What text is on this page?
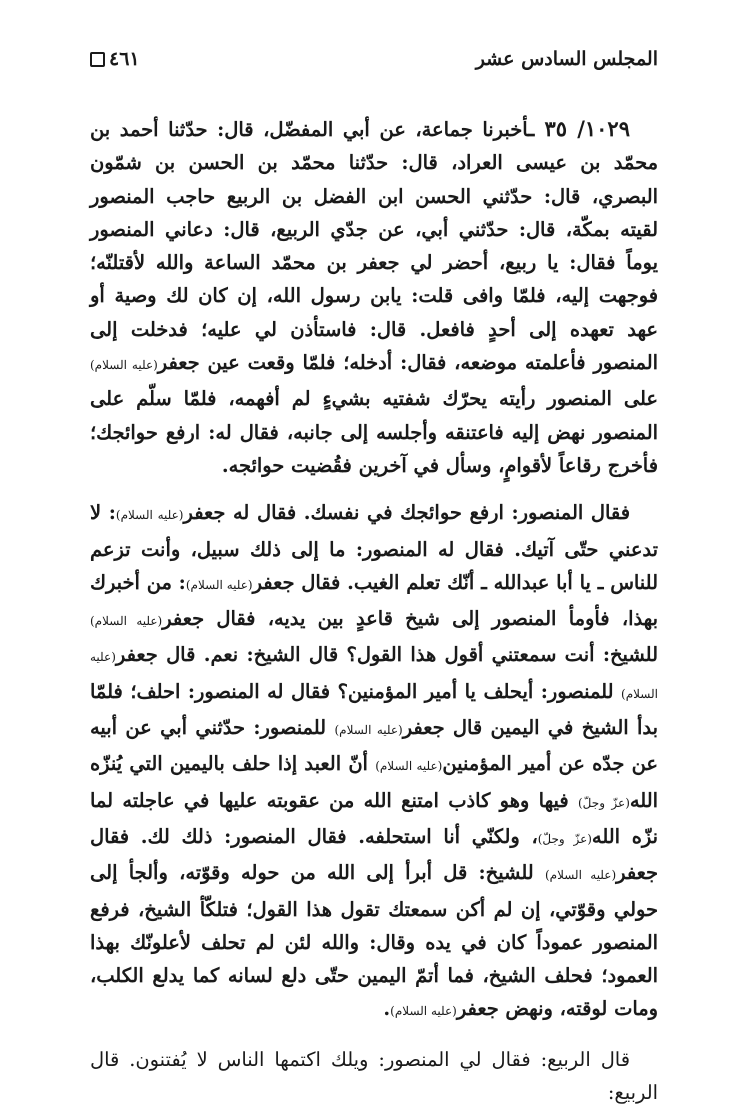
المجلس السادس عشر
٤٦١

١٠٢٩/ ٣٥ ـأخبرنا جماعة، عن أبي المفضّل، قال: حدّثنا أحمد بن محمّد بن عيسى العراد، قال: حدّثنا محمّد بن الحسن بن شمّون البصري، قال: حدّثني الحسن ابن الفضل بن الربيع حاجب المنصور لقيته بمكّة، قال: حدّثني أبي، عن جدّي الربيع، قال: دعاني المنصور يوماً فقال: يا ربيع، أحضر لي جعفر بن محمّد الساعة والله لأقتلنّه؛ فوجهت إليه، فلمّا وافى قلت: يابن رسول الله، إن كان لك وصية أو عهد تعهده إلى أحدٍ فافعل. قال: فاستأذن لي عليه؛ فدخلت إلى المنصور فأعلمته موضعه، فقال: أدخله؛ فلمّا وقعت عين جعفر(عليه السلام) على المنصور رأيته يحرّك شفتيه بشيءٍ لم أفهمه، فلمّا سلّم على المنصور نهض إليه فاعتنقه وأجلسه إلى جانبه، فقال له: ارفع حوائجك؛ فأخرج رقاعاً لأقوامٍ، وسأل في آخرين فقُضيت حوائجه.

فقال المنصور: ارفع حوائجك في نفسك. فقال له جعفر(عليه السلام): لا تدعني حتّى آتيك. فقال له المنصور: ما إلى ذلك سبيل، وأنت تزعم للناس ـ يا أبا عبدالله ـ أنّك تعلم الغيب. فقال جعفر(عليه السلام): من أخبرك بهذا، فأومأ المنصور إلى شيخ قاعدٍ بين يديه، فقال جعفر(عليه السلام) للشيخ: أنت سمعتني أقول هذا القول؟ قال الشيخ: نعم. قال جعفر(عليه السلام) للمنصور: أيحلف يا أمير المؤمنين؟ فقال له المنصور: احلف؛ فلمّا بدأ الشيخ في اليمين قال جعفر(عليه السلام) للمنصور: حدّثني أبي عن أبيه عن جدّه عن أمير المؤمنين(عليه السلام) أنّ العبد إذا حلف باليمين التي يُنزّه الله(عزّ وجلّ) فيها وهو كاذب امتنع الله من عقوبته عليها في عاجلته لما نزّه الله(عزّ وجلّ)، ولكنّي أنا استحلفه. فقال المنصور: ذلك لك. فقال جعفر(عليه السلام) للشيخ: قل أبرأ إلى الله من حوله وقوّته، وألجأ إلى حولي وقوّتي، إن لم أكن سمعتك تقول هذا القول؛ فتلكّأ الشيخ، فرفع المنصور عموداً كان في يده وقال: والله لئن لم تحلف لأعلونّك بهذا العمود؛ فحلف الشيخ، فما أتمّ اليمين حتّى دلع لسانه كما يدلع الكلب، ومات لوقته، ونهض جعفر(عليه السلام).

قال الربيع: فقال لي المنصور: ويلك اكتمها الناس لا يُفتنون. قال الربيع:
